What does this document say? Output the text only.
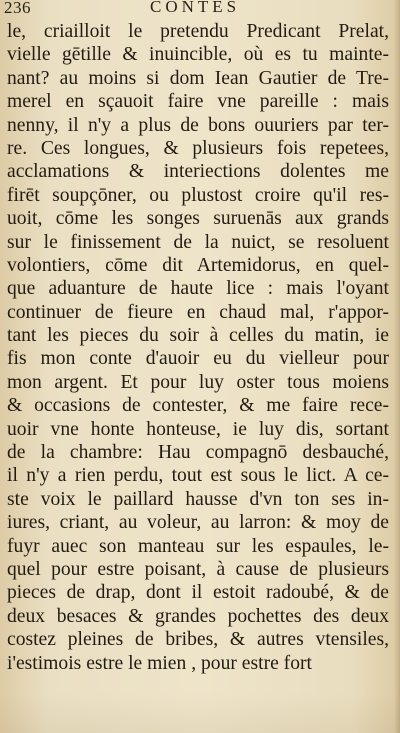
236	CONTES
le, criailloit le pretendu Predicant Prelat,
vielle gētille & inuincible, où es tu mainte-
nant? au moins si dom Iean Gautier de Tre-
merel en sçauoit faire vne pareille : mais
nenny, il n'y a plus de bons ouuriers par ter-
re. Ces longues, & plusieurs fois repetees,
acclamations & interiections dolentes me
firēt soupçōner, ou plustost croire qu'il res-
uoit, cōme les songes suruenās aux grands
sur le finissement de la nuict, se resoluent
volontiers, cōme dit Artemidorus, en quel-
que aduanture de haute lice : mais l'oyant
continuer de fieure en chaud mal, r'appor-
tant les pieces du soir à celles du matin, ie
fis mon conte d'auoir eu du vielleur pour
mon argent. Et pour luy oster tous moiens
& occasions de contester, & me faire rece-
uoir vne honte honteuse, ie luy dis, sortant
de la chambre: Hau compagnō desbauché,
il n'y a rien perdu, tout est sous le lict. A ce-
ste voix le paillard hausse d'vn ton ses in-
iures, criant, au voleur, au larron: & moy de
fuyr auec son manteau sur les espaules, le-
quel pour estre poisant, à cause de plusieurs
pieces de drap, dont il estoit radoubé, & de
deux besaces & grandes pochettes des deux
costez pleines de bribes, & autres vtensiles,
i'estimois estre le mien , pour estre fort
